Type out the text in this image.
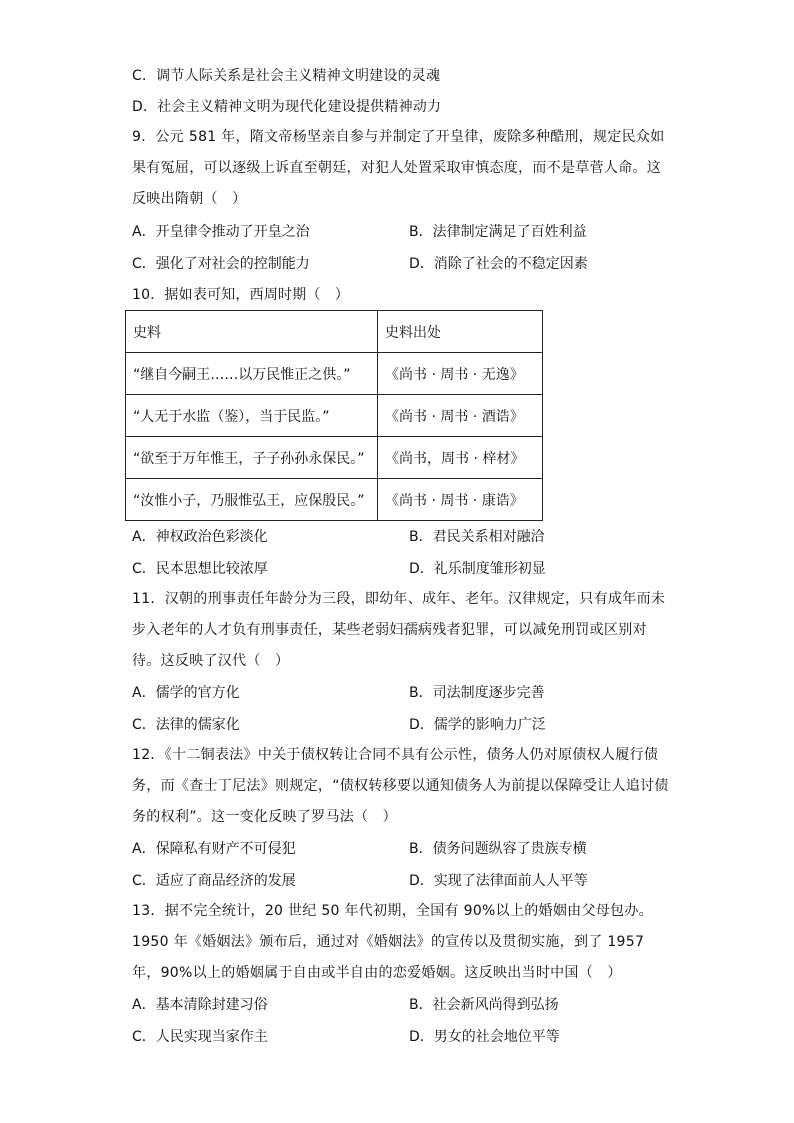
C．调节人际关系是社会主义精神文明建设的灵魂
D．社会主义精神文明为现代化建设提供精神动力
9．公元 581 年，隋文帝杨坚亲自参与并制定了开皇律，废除多种酷刑，规定民众如果有冤屈，可以逐级上诉直至朝廷，对犯人处置采取审慎态度，而不是草菅人命。这反映出隋朝（　）
A．开皇律令推动了开皇之治	B．法律制定满足了百姓利益
C．强化了对社会的控制能力	D．消除了社会的不稳定因素
10．据如表可知，西周时期（　）
史料	史料出处
“继自今嗣王……以万民惟正之供。”	《尚书 · 周书 · 无逸》
“人无于水监（鉴），当于民监。”	《尚书 · 周书 · 酒诰》
“欲至于万年惟王，子子孙孙永保民。”	《尚书，周书 · 梓材》
“汝惟小子，乃服惟弘王，应保殷民。”	《尚书 · 周书 · 康诰》
A．神权政治色彩淡化	B．君民关系相对融洽
C．民本思想比较浓厚	D．礼乐制度雏形初显
11．汉朝的刑事责任年龄分为三段，即幼年、成年、老年。汉律规定，只有成年而未步入老年的人才负有刑事责任，某些老弱妇孺病残者犯罪，可以减免刑罚或区别对待。这反映了汉代（　）
A．儒学的官方化	B．司法制度逐步完善
C．法律的儒家化	D．儒学的影响力广泛
12．《十二铜表法》中关于债权转让合同不具有公示性，债务人仍对原债权人履行债务，而《查士丁尼法》则规定，“债权转移要以通知债务人为前提以保障受让人追讨债务的权利”。这一变化反映了罗马法（　）
A．保障私有财产不可侵犯	B．债务问题纵容了贵族专横
C．适应了商品经济的发展	D．实现了法律面前人人平等
13．据不完全统计，20 世纪 50 年代初期，全国有 90%以上的婚姻由父母包办。1950 年《婚姻法》颁布后，通过对《婚姻法》的宣传以及贯彻实施，到了 1957 年，90%以上的婚姻属于自由或半自由的恋爱婚姻。这反映出当时中国（　）
A．基本清除封建习俗	B．社会新风尚得到弘扬
C．人民实现当家作主	D．男女的社会地位平等
